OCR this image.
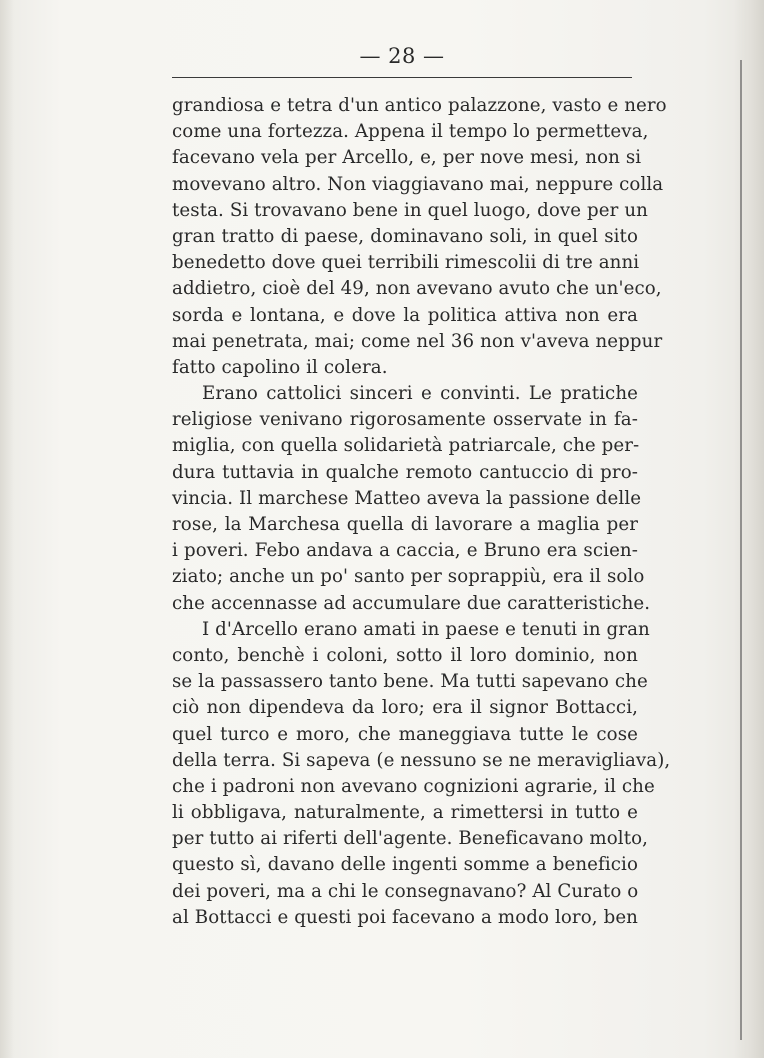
— 28 —
grandiosa e tetra d'un antico palazzone, vasto e nero
come una fortezza. Appena il tempo lo permetteva,
facevano vela per Arcello, e, per nove mesi, non si
movevano altro. Non viaggiavano mai, neppure colla
testa. Si trovavano bene in quel luogo, dove per un
gran tratto di paese, dominavano soli, in quel sito
benedetto dove quei terribili rimescolii di tre anni
addietro, cioè del 49, non avevano avuto che un'eco,
sorda e lontana, e dove la politica attiva non era
mai penetrata, mai; come nel 36 non v'aveva neppur
fatto capolino il colera.
Erano cattolici sinceri e convinti. Le pratiche
religiose venivano rigorosamente osservate in fa-
miglia, con quella solidarietà patriarcale, che per-
dura tuttavia in qualche remoto cantuccio di pro-
vincia. Il marchese Matteo aveva la passione delle
rose, la Marchesa quella di lavorare a maglia per
i poveri. Febo andava a caccia, e Bruno era scien-
ziato; anche un po' santo per soprappiù, era il solo
che accennasse ad accumulare due caratteristiche.
I d'Arcello erano amati in paese e tenuti in gran
conto, benchè i coloni, sotto il loro dominio, non
se la passassero tanto bene. Ma tutti sapevano che
ciò non dipendeva da loro; era il signor Bottacci,
quel turco e moro, che maneggiava tutte le cose
della terra. Si sapeva (e nessuno se ne meravigliava),
che i padroni non avevano cognizioni agrarie, il che
li obbligava, naturalmente, a rimettersi in tutto e
per tutto ai riferti dell'agente. Beneficavano molto,
questo sì, davano delle ingenti somme a beneficio
dei poveri, ma a chi le consegnavano? Al Curato o
al Bottacci e questi poi facevano a modo loro, ben
